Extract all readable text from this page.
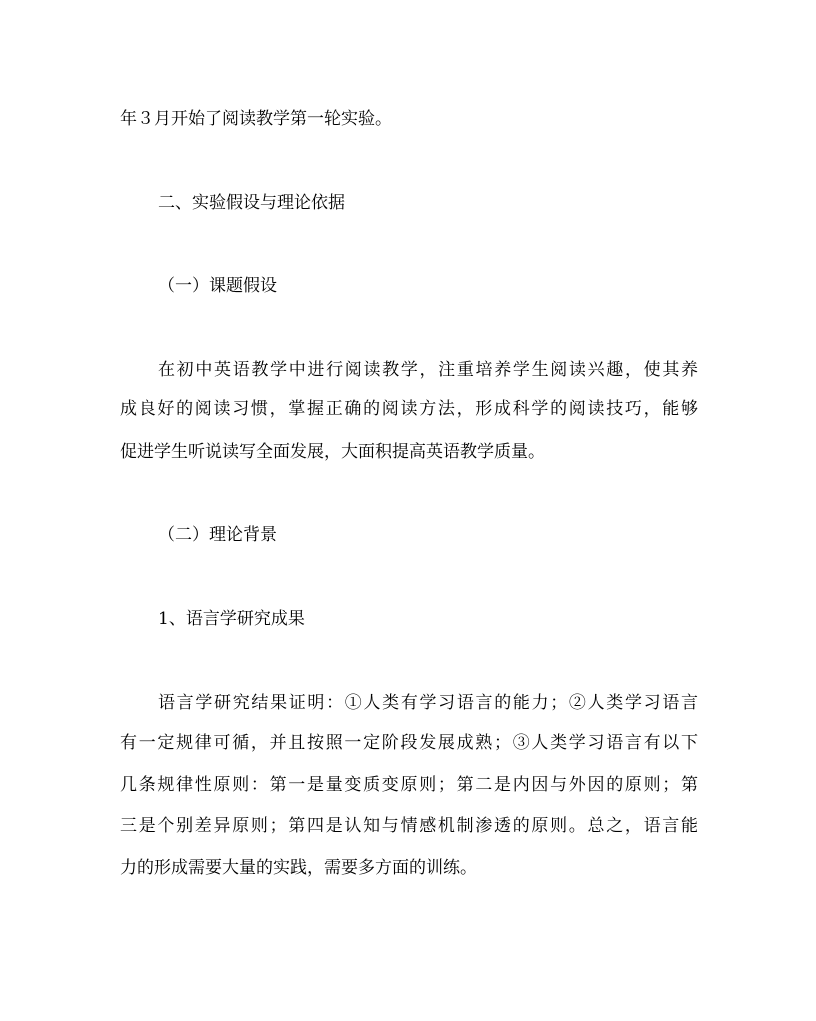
年３月开始了阅读教学第一轮实验。
二、实验假设与理论依据
（一）课题假设
在初中英语教学中进行阅读教学，注重培养学生阅读兴趣，使其养
成良好的阅读习惯，掌握正确的阅读方法，形成科学的阅读技巧，能够
促进学生听说读写全面发展，大面积提高英语教学质量。
（二）理论背景
1、语言学研究成果
语言学研究结果证明：①人类有学习语言的能力；②人类学习语言
有一定规律可循，并且按照一定阶段发展成熟；③人类学习语言有以下
几条规律性原则：第一是量变质变原则；第二是内因与外因的原则；第
三是个别差异原则；第四是认知与情感机制渗透的原则。总之，语言能
力的形成需要大量的实践，需要多方面的训练。
